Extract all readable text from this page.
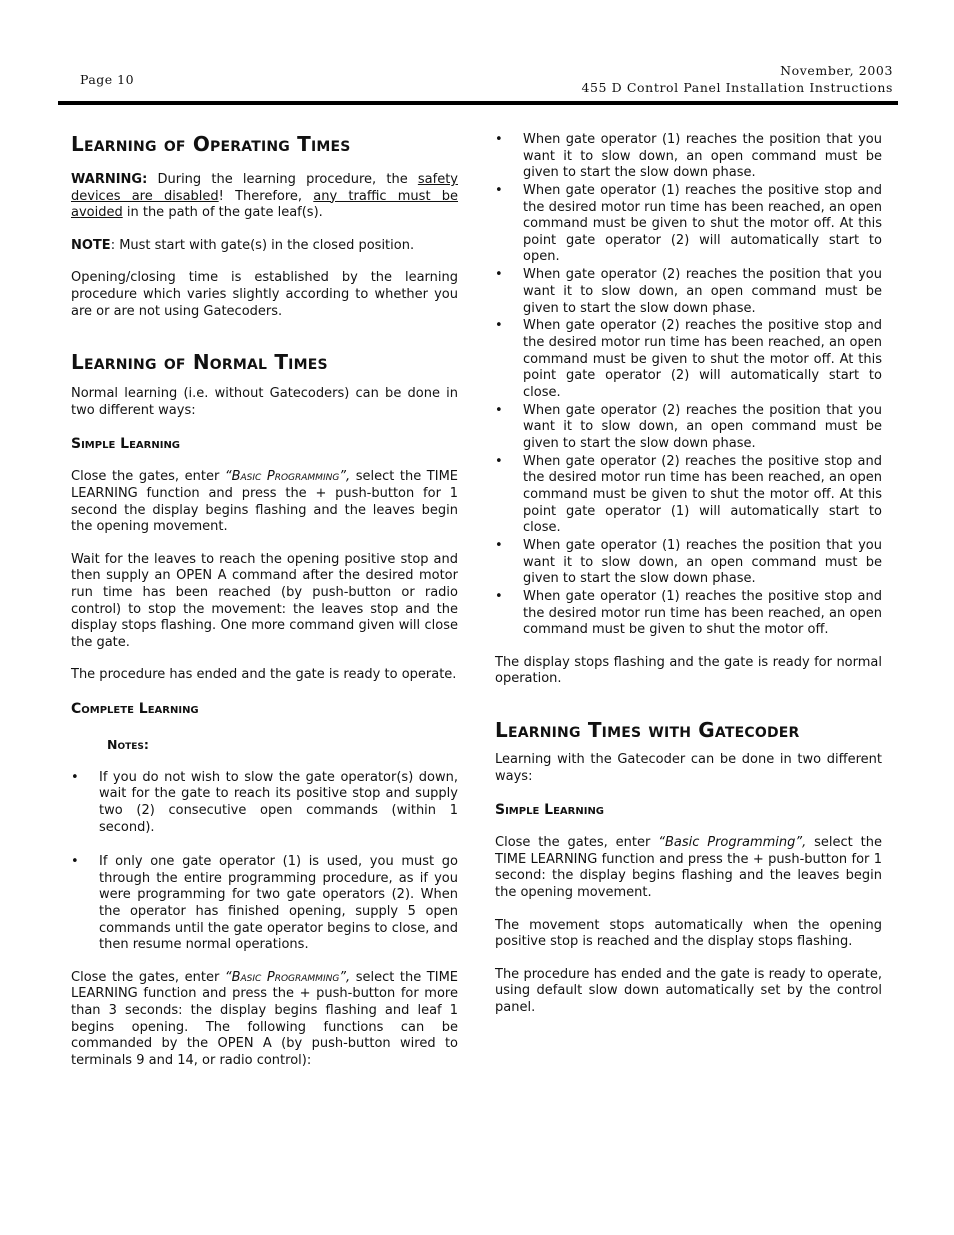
Page 10
November, 2003
455 D Control Panel Installation Instructions
Learning of Operating Times

WARNING: During the learning procedure, the safety devices are disabled! Therefore, any traffic must be avoided in the path of the gate leaf(s).

NOTE: Must start with gate(s) in the closed position.

Opening/closing time is established by the learning procedure which varies slightly according to whether you are or are not using Gatecoders.

Learning of Normal Times

Normal learning (i.e. without Gatecoders) can be done in two different ways:

Simple Learning

Close the gates, enter “Basic Programming”, select the TIME LEARNING function and press the + push-button for 1 second the display begins flashing and the leaves begin the opening movement.

Wait for the leaves to reach the opening positive stop and then supply an OPEN A command after the desired motor run time has been reached (by push-button or radio control) to stop the movement: the leaves stop and the display stops flashing. One more command given will close the gate.

The procedure has ended and the gate is ready to operate.

Complete Learning
Notes:
• If you do not wish to slow the gate operator(s) down, wait for the gate to reach its positive stop and supply two (2) consecutive open commands (within 1 second).
• If only one gate operator (1) is used, you must go through the entire programming procedure, as if you were programming for two gate operators (2). When the operator has finished opening, supply 5 open commands until the gate operator begins to close, and then resume normal operations.

Close the gates, enter “Basic Programming”, select the TIME LEARNING function and press the + push-button for more than 3 seconds: the display begins flashing and leaf 1 begins opening. The following functions can be commanded by the OPEN A (by push-button wired to terminals 9 and 14, or radio control):

• When gate operator (1) reaches the position that you want it to slow down, an open command must be given to start the slow down phase.
• When gate operator (1) reaches the positive stop and the desired motor run time has been reached, an open command must be given to shut the motor off. At this point gate operator (2) will automatically start to open.
• When gate operator (2) reaches the position that you want it to slow down, an open command must be given to start the slow down phase.
• When gate operator (2) reaches the positive stop and the desired motor run time has been reached, an open command must be given to shut the motor off. At this point gate operator (2) will automatically start to close.
• When gate operator (2) reaches the position that you want it to slow down, an open command must be given to start the slow down phase.
• When gate operator (2) reaches the positive stop and the desired motor run time has been reached, an open command must be given to shut the motor off. At this point gate operator (1) will automatically start to close.
• When gate operator (1) reaches the position that you want it to slow down, an open command must be given to start the slow down phase.
• When gate operator (1) reaches the positive stop and the desired motor run time has been reached, an open command must be given to shut the motor off.

The display stops flashing and the gate is ready for normal operation.

Learning Times with Gatecoder

Learning with the Gatecoder can be done in two different ways:

Simple Learning

Close the gates, enter “Basic Programming”, select the TIME LEARNING function and press the + push-button for 1 second: the display begins flashing and the leaves begin the opening movement.

The movement stops automatically when the opening positive stop is reached and the display stops flashing.

The procedure has ended and the gate is ready to operate, using default slow down automatically set by the control panel.
